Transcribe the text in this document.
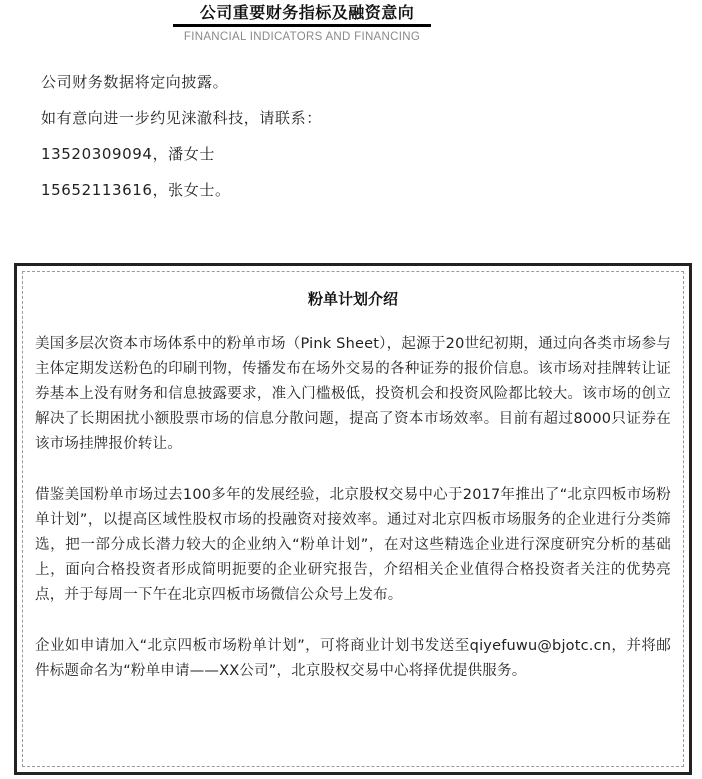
公司重要财务指标及融资意向
FINANCIAL INDICATORS AND FINANCING

公司财务数据将定向披露。

如有意向进一步约见涞澈科技，请联系：

13520309094，潘女士

15652113616，张女士。

粉单计划介绍

美国多层次资本市场体系中的粉单市场（Pink Sheet），起源于20世纪初期，通过向各类市场参与主体定期发送粉色的印刷刊物，传播发布在场外交易的各种证券的报价信息。该市场对挂牌转让证券基本上没有财务和信息披露要求，准入门槛极低，投资机会和投资风险都比较大。该市场的创立解决了长期困扰小额股票市场的信息分散问题，提高了资本市场效率。目前有超过8000只证券在该市场挂牌报价转让。

借鉴美国粉单市场过去100多年的发展经验，北京股权交易中心于2017年推出了“北京四板市场粉单计划”，以提高区域性股权市场的投融资对接效率。通过对北京四板市场服务的企业进行分类筛选，把一部分成长潜力较大的企业纳入“粉单计划”，在对这些精选企业进行深度研究分析的基础上，面向合格投资者形成简明扼要的企业研究报告，介绍相关企业值得合格投资者关注的优势亮点，并于每周一下午在北京四板市场微信公众号上发布。

企业如申请加入“北京四板市场粉单计划”，可将商业计划书发送至qiyefuwu@bjotc.cn，并将邮件标题命名为“粉单申请——XX公司”，北京股权交易中心将择优提供服务。
